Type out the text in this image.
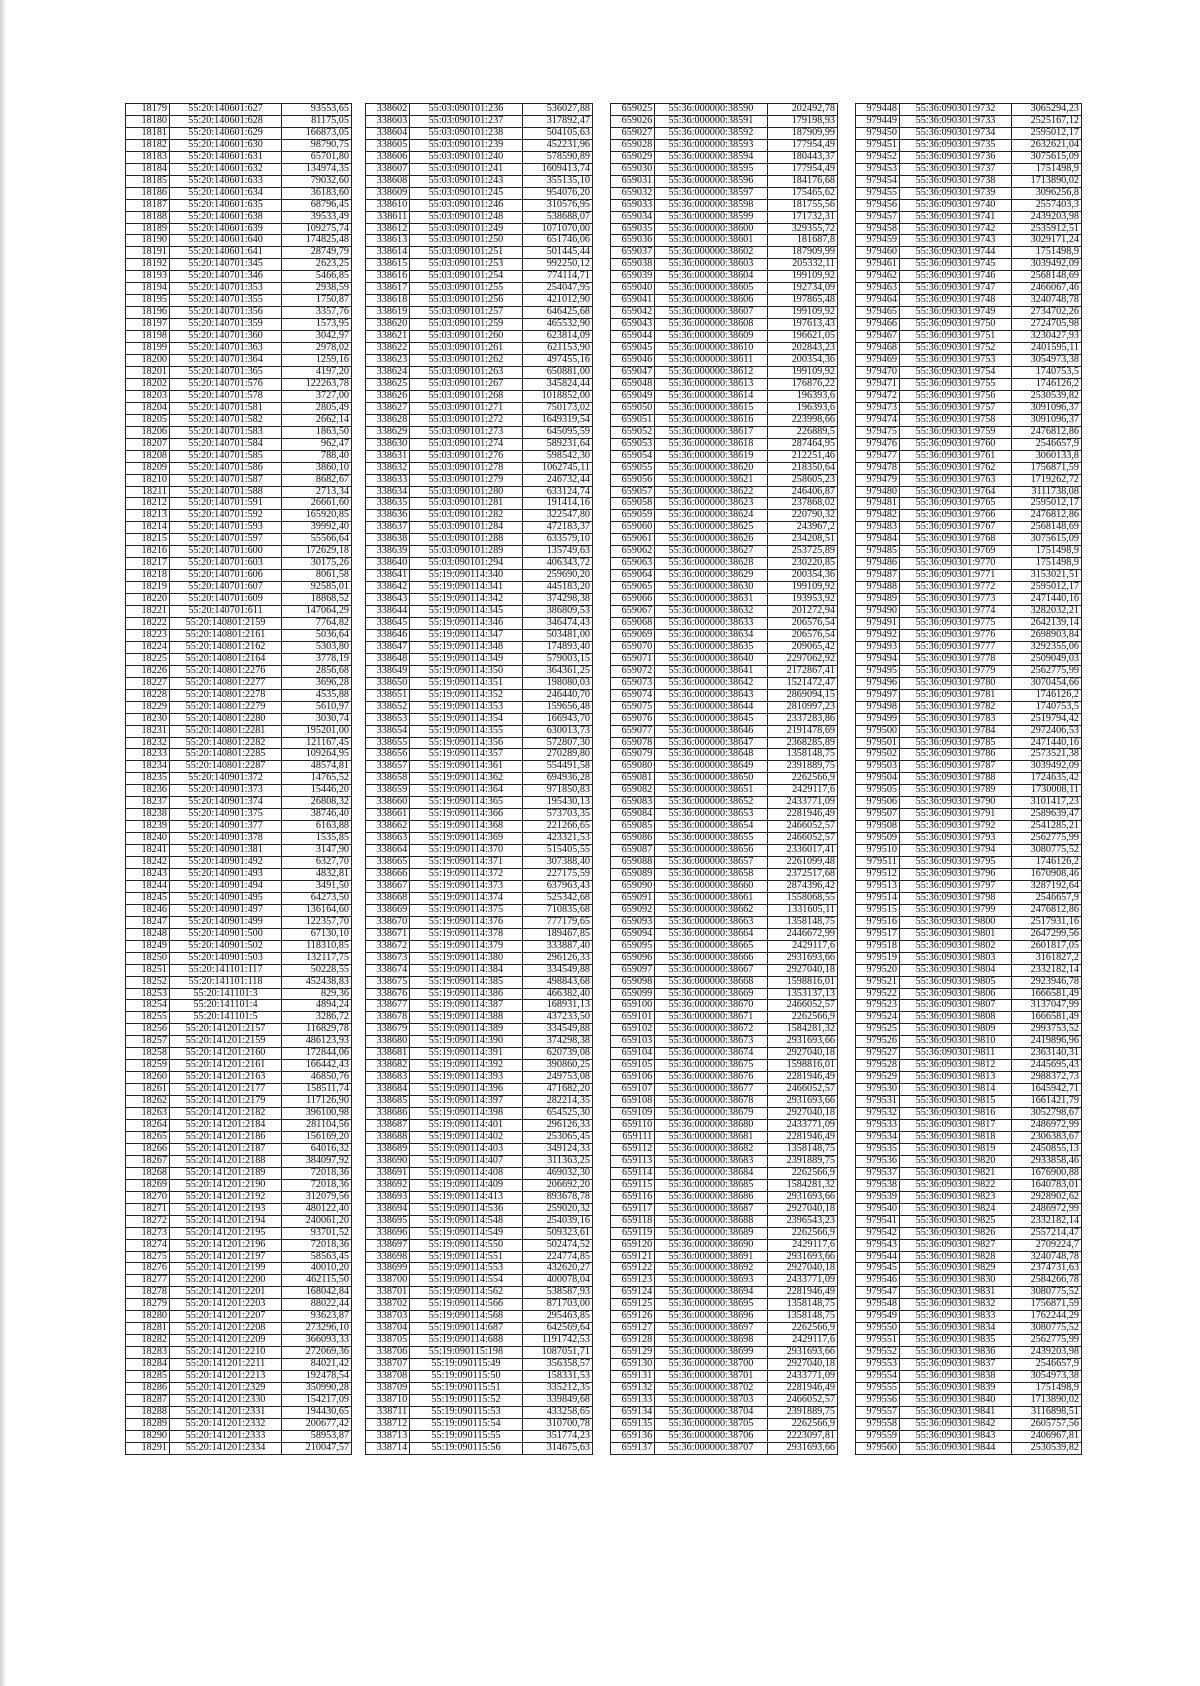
18179	55:20:140601:627	93553,65
18180	55:20:140601:628	81175,05
18181	55:20:140601:629	166873,05
18182	55:20:140601:630	98790,75
18183	55:20:140601:631	65701,80
18184	55:20:140601:632	134974,35
18185	55:20:140601:633	79032,60
18186	55:20:140601:634	36183,60
18187	55:20:140601:635	68796,45
18188	55:20:140601:638	39533,49
18189	55:20:140601:639	109275,74
18190	55:20:140601:640	174825,48
18191	55:20:140601:641	28749,79
18192	55:20:140701:345	2623,25
18193	55:20:140701:346	5466,85
18194	55:20:140701:353	2938,59
18195	55:20:140701:355	1750,87
18196	55:20:140701:356	3357,76
18197	55:20:140701:359	1573,95
18198	55:20:140701:360	3042,97
18199	55:20:140701:363	2978,02
18200	55:20:140701:364	1259,16
18201	55:20:140701:365	4197,20
18202	55:20:140701:576	122263,78
18203	55:20:140701:578	3727,00
18204	55:20:140701:581	2805,49
18205	55:20:140701:582	2662,14
18206	55:20:140701:583	1863,50
18207	55:20:140701:584	962,47
18208	55:20:140701:585	788,40
18209	55:20:140701:586	3860,10
18210	55:20:140701:587	8682,67
18211	55:20:140701:588	2713,34
18212	55:20:140701:591	26661,60
18213	55:20:140701:592	165920,85
18214	55:20:140701:593	39992,40
18215	55:20:140701:597	55566,64
18216	55:20:140701:600	172629,18
18217	55:20:140701:603	30175,26
18218	55:20:140701:606	8061,58
18219	55:20:140701:607	92585,01
18220	55:20:140701:609	18868,52
18221	55:20:140701:611	147064,29
18222	55:20:140801:2159	7764,82
18223	55:20:140801:2161	5036,64
18224	55:20:140801:2162	5303,80
18225	55:20:140801:2164	3778,19
18226	55:20:140801:2276	2856,68
18227	55:20:140801:2277	3696,28
18228	55:20:140801:2278	4535,88
18229	55:20:140801:2279	5610,97
18230	55:20:140801:2280	3030,74
18231	55:20:140801:2281	195201,00
18232	55:20:140801:2282	121167,45
18233	55:20:140801:2285	109264,95
18234	55:20:140801:2287	48574,81
18235	55:20:140901:372	14765,52
18236	55:20:140901:373	15446,20
18237	55:20:140901:374	26808,32
18238	55:20:140901:375	38746,40
18239	55:20:140901:377	6163,88
18240	55:20:140901:378	1535,85
18241	55:20:140901:381	3147,90
18242	55:20:140901:492	6327,70
18243	55:20:140901:493	4832,81
18244	55:20:140901:494	3491,50
18245	55:20:140901:495	64273,50
18246	55:20:140901:497	136164,60
18247	55:20:140901:499	122357,70
18248	55:20:140901:500	67130,10
18249	55:20:140901:502	118310,85
18250	55:20:140901:503	132117,75
18251	55:20:141101:117	50228,55
18252	55:20:141101:118	452438,83
18253	55:20:141101:3	829,36
18254	55:20:141101:4	4894,24
18255	55:20:141101:5	3286,72
18256	55:20:141201:2157	116829,78
18257	55:20:141201:2159	486123,93
18258	55:20:141201:2160	172844,06
18259	55:20:141201:2161	166442,43
18260	55:20:141201:2163	46850,76
18261	55:20:141201:2177	158511,74
18262	55:20:141201:2179	117126,90
18263	55:20:141201:2182	396100,98
18264	55:20:141201:2184	281104,56
18265	55:20:141201:2186	156169,20
18266	55:20:141201:2187	64016,32
18267	55:20:141201:2188	384097,92
18268	55:20:141201:2189	72018,36
18269	55:20:141201:2190	72018,36
18270	55:20:141201:2192	312079,56
18271	55:20:141201:2193	480122,40
18272	55:20:141201:2194	240061,20
18273	55:20:141201:2195	93701,52
18274	55:20:141201:2196	72018,36
18275	55:20:141201:2197	58563,45
18276	55:20:141201:2199	40010,20
18277	55:20:141201:2200	462115,50
18278	55:20:141201:2201	168042,84
18279	55:20:141201:2203	88022,44
18280	55:20:141201:2207	93623,87
18281	55:20:141201:2208	273296,10
18282	55:20:141201:2209	366093,33
18283	55:20:141201:2210	272069,36
18284	55:20:141201:2211	84021,42
18285	55:20:141201:2213	192478,54
18286	55:20:141201:2329	350990,28
18287	55:20:141201:2330	154217,09
18288	55:20:141201:2331	194430,65
18289	55:20:141201:2332	200677,42
18290	55:20:141201:2333	58953,87
18291	55:20:141201:2334	210047,57
338602	55:03:090101:236	536027,88
338603	55:03:090101:237	317892,47
338604	55:03:090101:238	504105,63
338605	55:03:090101:239	452231,96
338606	55:03:090101:240	578590,89
338607	55:03:090101:241	1609413,74
338608	55:03:090101:243	355135,10
338609	55:03:090101:245	954076,20
338610	55:03:090101:246	310576,95
338611	55:03:090101:248	538688,07
338612	55:03:090101:249	1071070,00
338613	55:03:090101:250	651746,06
338614	55:03:090101:251	501445,44
338615	55:03:090101:253	992250,12
338616	55:03:090101:254	774114,71
338617	55:03:090101:255	254047,95
338618	55:03:090101:256	421012,90
338619	55:03:090101:257	646425,68
338620	55:03:090101:259	465532,90
338621	55:03:090101:260	623814,09
338622	55:03:090101:261	621153,90
338623	55:03:090101:262	497455,16
338624	55:03:090101:263	650881,00
338625	55:03:090101:267	345824,44
338626	55:03:090101:268	1018852,00
338627	55:03:090101:271	750173,02
338628	55:03:090101:272	1649319,54
338629	55:03:090101:273	645095,59
338630	55:03:090101:274	589231,64
338631	55:03:090101:276	598542,30
338632	55:03:090101:278	1062745,11
338633	55:03:090101:279	246732,44
338634	55:03:090101:280	633124,74
338635	55:03:090101:281	191414,16
338636	55:03:090101:282	322547,80
338637	55:03:090101:284	472183,37
338638	55:03:090101:288	633579,10
338639	55:03:090101:289	135749,63
338640	55:03:090101:294	406343,72
338641	55:19:090114:340	259690,20
338642	55:19:090114:341	445183,20
338643	55:19:090114:342	374298,38
338644	55:19:090114:345	386809,53
338645	55:19:090114:346	346474,43
338646	55:19:090114:347	503481,00
338647	55:19:090114:348	174893,40
338648	55:19:090114:349	579003,15
338649	55:19:090114:350	364361,25
338650	55:19:090114:351	198080,03
338651	55:19:090114:352	246440,70
338652	55:19:090114:353	159656,48
338653	55:19:090114:354	166943,70
338654	55:19:090114:355	630013,73
338655	55:19:090114:356	572807,30
338656	55:19:090114:357	270289,80
338657	55:19:090114:361	554491,58
338658	55:19:090114:362	694936,28
338659	55:19:090114:364	971850,83
338660	55:19:090114:365	195430,13
338661	55:19:090114:366	573703,35
338662	55:19:090114:368	221266,65
338663	55:19:090114:369	423321,53
338664	55:19:090114:370	515405,55
338665	55:19:090114:371	307388,40
338666	55:19:090114:372	227175,59
338667	55:19:090114:373	637963,43
338668	55:19:090114:374	525342,68
338669	55:19:090114:375	710835,68
338670	55:19:090114:376	777179,65
338671	55:19:090114:378	189467,85
338672	55:19:090114:379	333887,40
338673	55:19:090114:380	296126,33
338674	55:19:090114:384	334549,88
338675	55:19:090114:385	498843,68
338676	55:19:090114:386	466382,40
338677	55:19:090114:387	168931,13
338678	55:19:090114:388	437233,50
338679	55:19:090114:389	334549,88
338680	55:19:090114:390	374298,38
338681	55:19:090114:391	620739,08
338682	55:19:090114:392	390860,25
338683	55:19:090114:393	249753,08
338684	55:19:090114:396	471682,20
338685	55:19:090114:397	282214,35
338686	55:19:090114:398	654525,30
338687	55:19:090114:401	296126,33
338688	55:19:090114:402	253065,45
338689	55:19:090114:403	349124,33
338690	55:19:090114:407	311363,25
338691	55:19:090114:408	469032,30
338692	55:19:090114:409	206692,20
338693	55:19:090114:413	893678,78
338694	55:19:090114:536	259020,32
338695	55:19:090114:548	254039,16
338696	55:19:090114:549	509323,61
338697	55:19:090114:550	502474,52
338698	55:19:090114:551	224774,85
338699	55:19:090114:553	432620,27
338700	55:19:090114:554	400078,04
338701	55:19:090114:562	538587,93
338702	55:19:090114:566	871703,00
338703	55:19:090114:568	295463,85
338704	55:19:090114:687	642569,64
338705	55:19:090114:688	1191742,53
338706	55:19:090115:198	1087051,71
338707	55:19:090115:49	356358,57
338708	55:19:090115:50	158331,53
338709	55:19:090115:51	335212,35
338710	55:19:090115:52	339849,68
338711	55:19:090115:53	433258,65
338712	55:19:090115:54	310700,78
338713	55:19:090115:55	351774,23
338714	55:19:090115:56	314675,63
659025	55:36:000000:38590	202492,78
659026	55:36:000000:38591	179198,93
659027	55:36:000000:38592	187909,99
659028	55:36:000000:38593	177954,49
659029	55:36:000000:38594	180443,37
659030	55:36:000000:38595	177954,49
659031	55:36:000000:38596	184176,68
659032	55:36:000000:38597	175465,62
659033	55:36:000000:38598	181755,56
659034	55:36:000000:38599	171732,31
659035	55:36:000000:38600	329355,72
659036	55:36:000000:38601	181687,8
659037	55:36:000000:38602	187909,99
659038	55:36:000000:38603	205332,11
659039	55:36:000000:38604	199109,92
659040	55:36:000000:38605	192734,09
659041	55:36:000000:38606	197865,48
659042	55:36:000000:38607	199109,92
659043	55:36:000000:38608	197613,43
659044	55:36:000000:38609	196621,05
659045	55:36:000000:38610	202843,23
659046	55:36:000000:38611	200354,36
659047	55:36:000000:38612	199109,92
659048	55:36:000000:38613	176876,22
659049	55:36:000000:38614	196393,6
659050	55:36:000000:38615	196393,6
659051	55:36:000000:38616	223998,66
659052	55:36:000000:38617	226889,5
659053	55:36:000000:38618	287464,95
659054	55:36:000000:38619	212251,46
659055	55:36:000000:38620	218350,64
659056	55:36:000000:38621	258605,23
659057	55:36:000000:38622	246406,87
659058	55:36:000000:38623	237868,02
659059	55:36:000000:38624	220790,32
659060	55:36:000000:38625	243967,2
659061	55:36:000000:38626	234208,51
659062	55:36:000000:38627	253725,89
659063	55:36:000000:38628	230220,85
659064	55:36:000000:38629	200354,36
659065	55:36:000000:38630	199109,92
659066	55:36:000000:38631	193953,92
659067	55:36:000000:38632	201272,94
659068	55:36:000000:38633	206576,54
659069	55:36:000000:38634	206576,54
659070	55:36:000000:38635	209065,42
659071	55:36:000000:38640	2297062,92
659072	55:36:000000:38641	2172867,41
659073	55:36:000000:38642	1521472,47
659074	55:36:000000:38643	2869094,15
659075	55:36:000000:38644	2810997,23
659076	55:36:000000:38645	2337283,86
659077	55:36:000000:38646	2191478,69
659078	55:36:000000:38647	2368285,89
659079	55:36:000000:38648	1358148,75
659080	55:36:000000:38649	2391889,75
659081	55:36:000000:38650	2262566,9
659082	55:36:000000:38651	2429117,6
659083	55:36:000000:38652	2433771,09
659084	55:36:000000:38653	2281946,49
659085	55:36:000000:38654	2466052,57
659086	55:36:000000:38655	2466052,57
659087	55:36:000000:38656	2336017,41
659088	55:36:000000:38657	2261099,48
659089	55:36:000000:38658	2372517,68
659090	55:36:000000:38660	2874396,42
659091	55:36:000000:38661	1558068,55
659092	55:36:000000:38662	1331605,11
659093	55:36:000000:38663	1358148,75
659094	55:36:000000:38664	2446672,99
659095	55:36:000000:38665	2429117,6
659096	55:36:000000:38666	2931693,66
659097	55:36:000000:38667	2927040,18
659098	55:36:000000:38668	1598816,01
659099	55:36:000000:38669	1353137,13
659100	55:36:000000:38670	2466052,57
659101	55:36:000000:38671	2262566,9
659102	55:36:000000:38672	1584281,32
659103	55:36:000000:38673	2931693,66
659104	55:36:000000:38674	2927040,18
659105	55:36:000000:38675	1598816,01
659106	55:36:000000:38676	2281946,49
659107	55:36:000000:38677	2466052,57
659108	55:36:000000:38678	2931693,66
659109	55:36:000000:38679	2927040,18
659110	55:36:000000:38680	2433771,09
659111	55:36:000000:38681	2281946,49
659112	55:36:000000:38682	1358148,75
659113	55:36:000000:38683	2391889,75
659114	55:36:000000:38684	2262566,9
659115	55:36:000000:38685	1584281,32
659116	55:36:000000:38686	2931693,66
659117	55:36:000000:38687	2927040,18
659118	55:36:000000:38688	2396543,23
659119	55:36:000000:38689	2262566,9
659120	55:36:000000:38690	2429117,6
659121	55:36:000000:38691	2931693,66
659122	55:36:000000:38692	2927040,18
659123	55:36:000000:38693	2433771,09
659124	55:36:000000:38694	2281946,49
659125	55:36:000000:38695	1358148,75
659126	55:36:000000:38696	1358148,75
659127	55:36:000000:38697	2262566,9
659128	55:36:000000:38698	2429117,6
659129	55:36:000000:38699	2931693,66
659130	55:36:000000:38700	2927040,18
659131	55:36:000000:38701	2433771,09
659132	55:36:000000:38702	2281946,49
659133	55:36:000000:38703	2466052,57
659134	55:36:000000:38704	2391889,75
659135	55:36:000000:38705	2262566,9
659136	55:36:000000:38706	2223097,81
659137	55:36:000000:38707	2931693,66
979448	55:36:090301:9732	3065294,23
979449	55:36:090301:9733	2525167,12
979450	55:36:090301:9734	2595012,17
979451	55:36:090301:9735	2632621,04
979452	55:36:090301:9736	3075615,09
979453	55:36:090301:9737	1751498,9
979454	55:36:090301:9738	1713890,02
979455	55:36:090301:9739	3096256,8
979456	55:36:090301:9740	2557403,3
979457	55:36:090301:9741	2439203,98
979458	55:36:090301:9742	2535912,51
979459	55:36:090301:9743	3029171,24
979460	55:36:090301:9744	1751498,9
979461	55:36:090301:9745	3039492,09
979462	55:36:090301:9746	2568148,69
979463	55:36:090301:9747	2466067,46
979464	55:36:090301:9748	3240748,78
979465	55:36:090301:9749	2734702,26
979466	55:36:090301:9750	2724705,98
979467	55:36:090301:9751	3230427,93
979468	55:36:090301:9752	2401595,11
979469	55:36:090301:9753	3054973,38
979470	55:36:090301:9754	1740753,5
979471	55:36:090301:9755	1746126,2
979472	55:36:090301:9756	2530539,82
979473	55:36:090301:9757	3091096,37
979474	55:36:090301:9758	3091096,37
979475	55:36:090301:9759	2476812,86
979476	55:36:090301:9760	2546657,9
979477	55:36:090301:9761	3060133,8
979478	55:36:090301:9762	1756871,59
979479	55:36:090301:9763	1719262,72
979480	55:36:090301:9764	3111738,08
979481	55:36:090301:9765	2595012,17
979482	55:36:090301:9766	2476812,86
979483	55:36:090301:9767	2568148,69
979484	55:36:090301:9768	3075615,09
979485	55:36:090301:9769	1751498,9
979486	55:36:090301:9770	1751498,9
979487	55:36:090301:9771	3153021,51
979488	55:36:090301:9772	2595012,17
979489	55:36:090301:9773	2471440,16
979490	55:36:090301:9774	3282032,21
979491	55:36:090301:9775	2642139,14
979492	55:36:090301:9776	2698903,84
979493	55:36:090301:9777	3292355,06
979494	55:36:090301:9778	2509049,03
979495	55:36:090301:9779	2562775,99
979496	55:36:090301:9780	3070454,66
979497	55:36:090301:9781	1746126,2
979498	55:36:090301:9782	1740753,5
979499	55:36:090301:9783	2519794,42
979500	55:36:090301:9784	2972406,53
979501	55:36:090301:9785	2471440,16
979502	55:36:090301:9786	2573521,38
979503	55:36:090301:9787	3039492,09
979504	55:36:090301:9788	1724635,42
979505	55:36:090301:9789	1730008,11
979506	55:36:090301:9790	3101417,23
979507	55:36:090301:9791	2589639,47
979508	55:36:090301:9792	2541285,21
979509	55:36:090301:9793	2562775,99
979510	55:36:090301:9794	3080775,52
979511	55:36:090301:9795	1746126,2
979512	55:36:090301:9796	1670908,46
979513	55:36:090301:9797	3287192,64
979514	55:36:090301:9798	2546657,9
979515	55:36:090301:9799	2476812,86
979516	55:36:090301:9800	2517931,16
979517	55:36:090301:9801	2647299,56
979518	55:36:090301:9802	2601817,05
979519	55:36:090301:9803	3161827,2
979520	55:36:090301:9804	2332182,14
979521	55:36:090301:9805	2923946,78
979522	55:36:090301:9806	1666581,49
979523	55:36:090301:9807	3137047,99
979524	55:36:090301:9808	1666581,49
979525	55:36:090301:9809	2993753,52
979526	55:36:090301:9810	2419896,96
979527	55:36:090301:9811	2363140,31
979528	55:36:090301:9812	2445695,43
979529	55:36:090301:9813	2988372,73
979530	55:36:090301:9814	1645942,71
979531	55:36:090301:9815	1661421,79
979532	55:36:090301:9816	3052798,67
979533	55:36:090301:9817	2486972,99
979534	55:36:090301:9818	2306383,67
979535	55:36:090301:9819	2450855,13
979536	55:36:090301:9820	2933858,46
979537	55:36:090301:9821	1676900,88
979538	55:36:090301:9822	1640783,01
979539	55:36:090301:9823	2928902,62
979540	55:36:090301:9824	2486972,99
979541	55:36:090301:9825	2332182,14
979542	55:36:090301:9826	2557214,47
979543	55:36:090301:9827	2709224,7
979544	55:36:090301:9828	3240748,78
979545	55:36:090301:9829	2374731,63
979546	55:36:090301:9830	2584266,78
979547	55:36:090301:9831	3080775,52
979548	55:36:090301:9832	1756871,59
979549	55:36:090301:9833	1762244,29
979550	55:36:090301:9834	3080775,52
979551	55:36:090301:9835	2562775,99
979552	55:36:090301:9836	2439203,98
979553	55:36:090301:9837	2546657,9
979554	55:36:090301:9838	3054973,38
979555	55:36:090301:9839	1751498,9
979556	55:36:090301:9840	1713890,02
979557	55:36:090301:9841	3116898,51
979558	55:36:090301:9842	2605757,56
979559	55:36:090301:9843	2406967,81
979560	55:36:090301:9844	2530539,82
